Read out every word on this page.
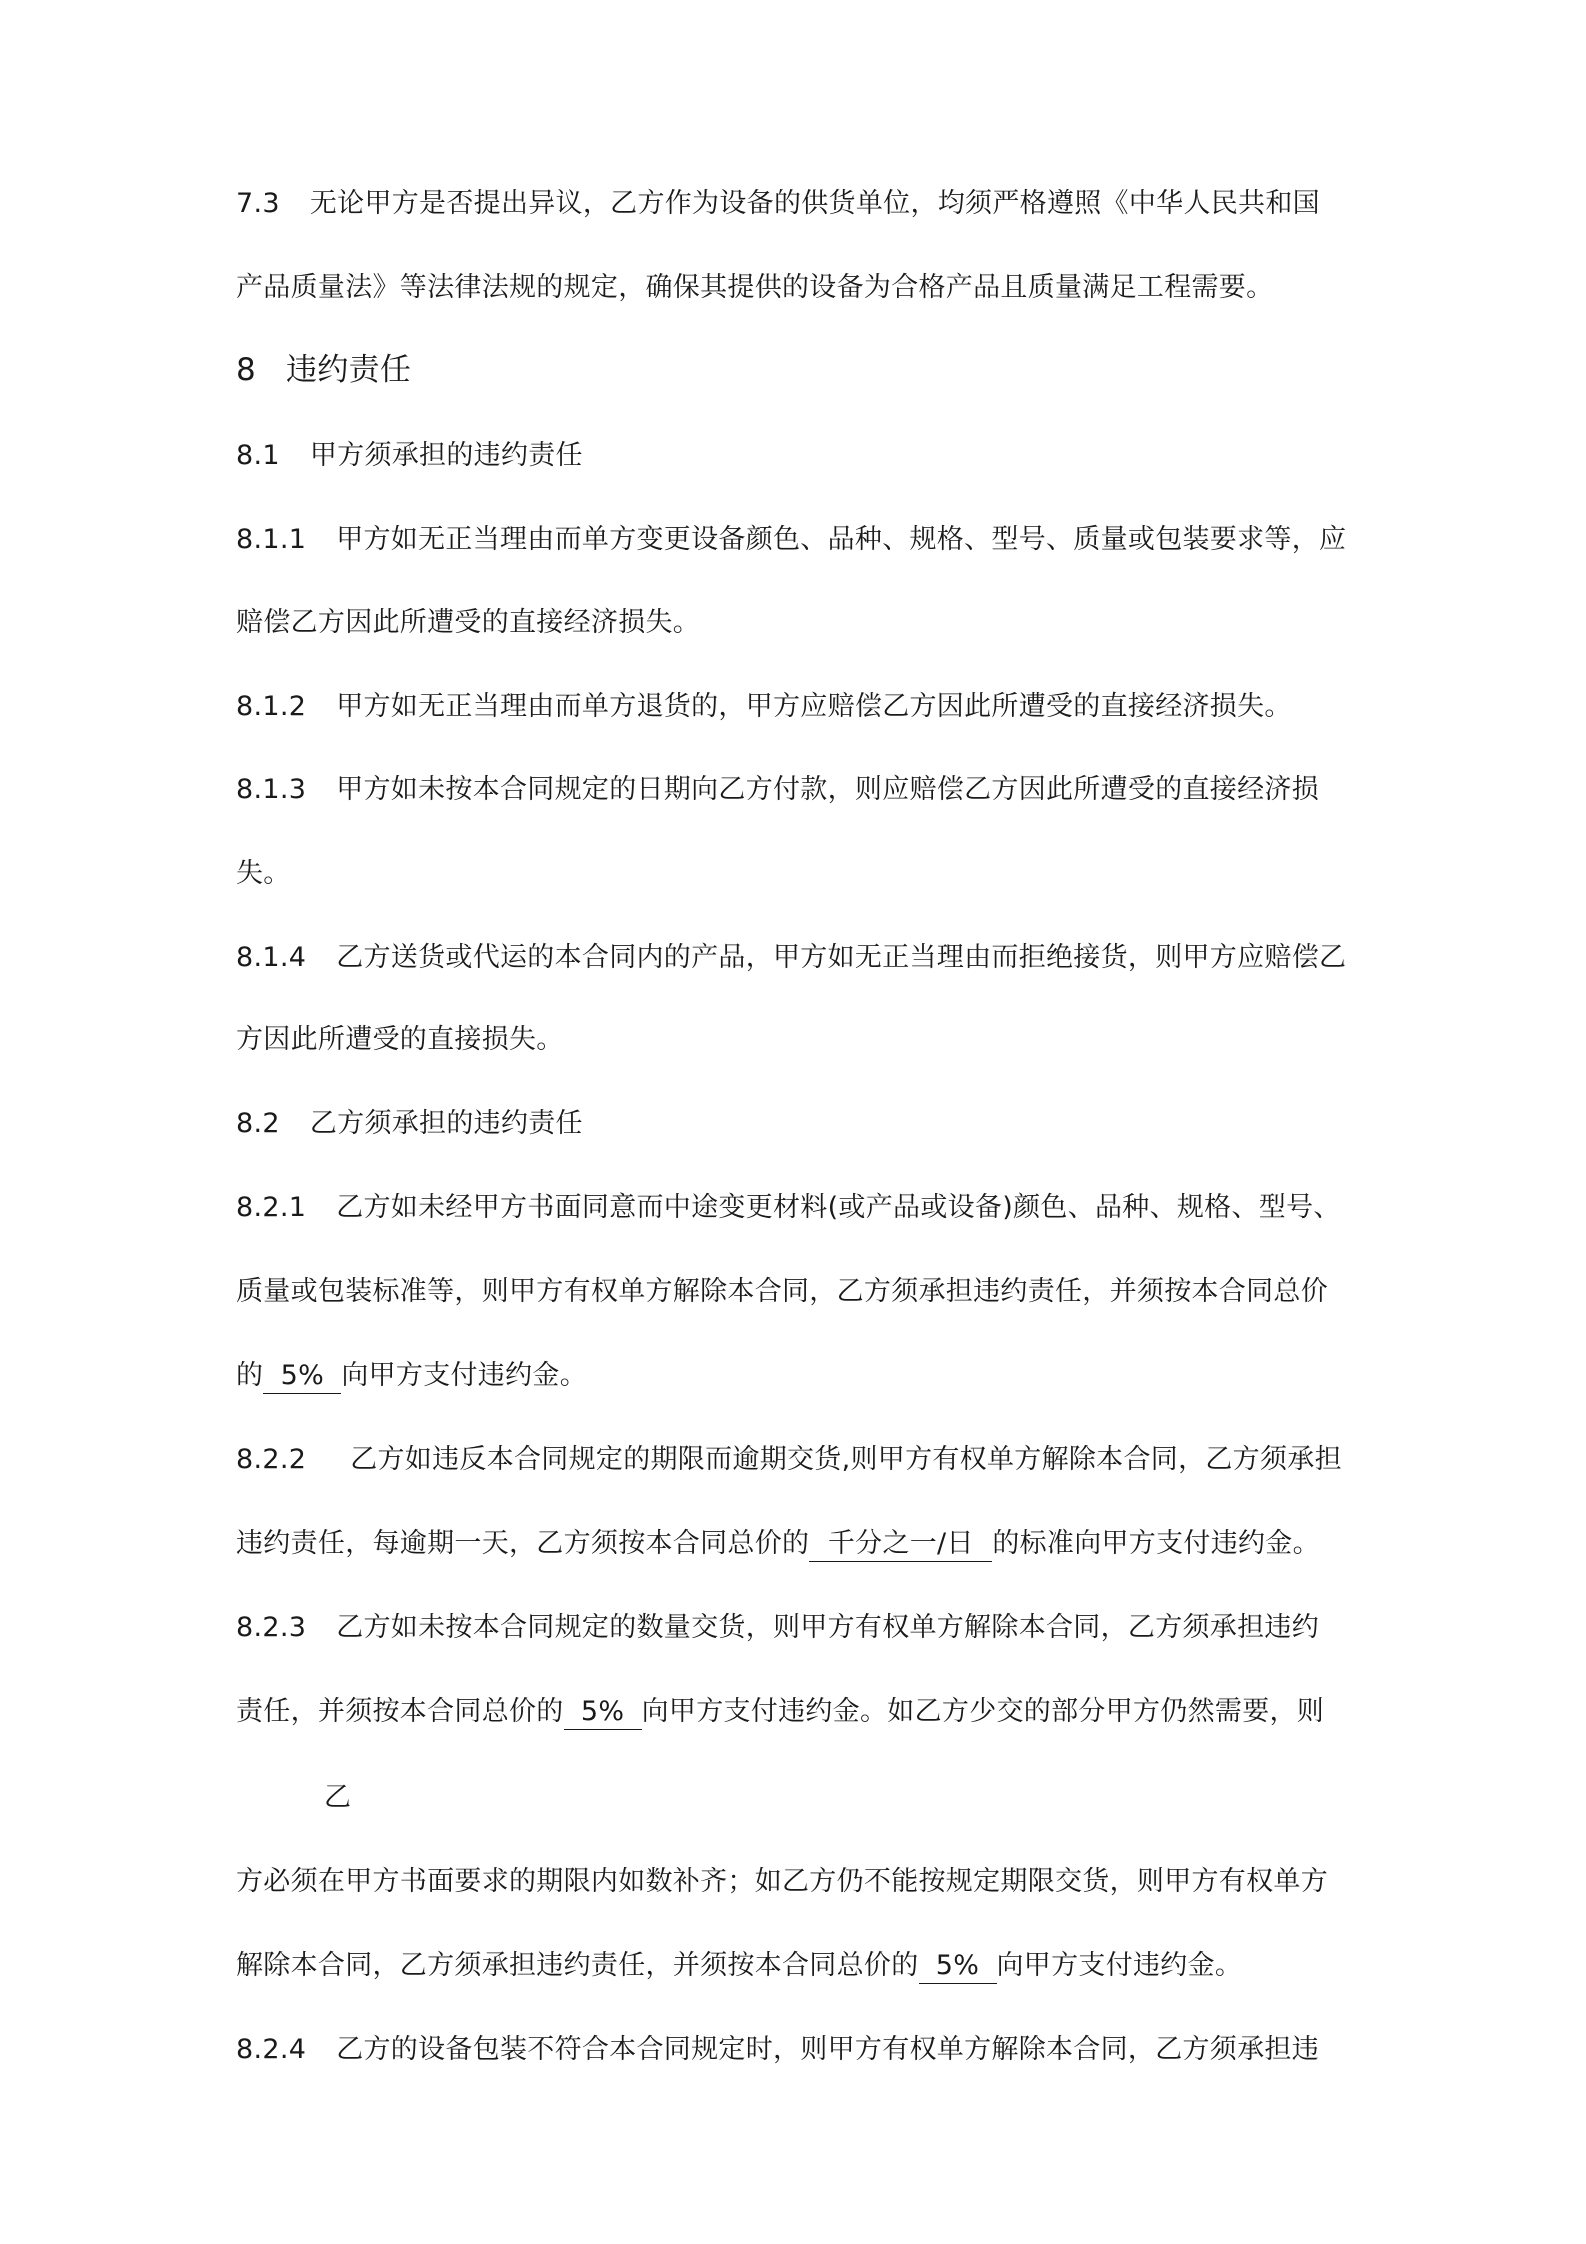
7.3 无论甲方是否提出异议，乙方作为设备的供货单位，均须严格遵照《中华人民共和国
产品质量法》等法律法规的规定，确保其提供的设备为合格产品且质量满足工程需要。
8 违约责任
8.1 甲方须承担的违约责任
8.1.1 甲方如无正当理由而单方变更设备颜色、品种、规格、型号、质量或包装要求等，应
赔偿乙方因此所遭受的直接经济损失。
8.1.2 甲方如无正当理由而单方退货的，甲方应赔偿乙方因此所遭受的直接经济损失。
8.1.3 甲方如未按本合同规定的日期向乙方付款，则应赔偿乙方因此所遭受的直接经济损
失。
8.1.4 乙方送货或代运的本合同内的产品，甲方如无正当理由而拒绝接货，则甲方应赔偿乙
方因此所遭受的直接损失。
8.2 乙方须承担的违约责任
8.2.1 乙方如未经甲方书面同意而中途变更材料(或产品或设备)颜色、品种、规格、型号、
质量或包装标准等，则甲方有权单方解除本合同，乙方须承担违约责任，并须按本合同总价
的 5% 向甲方支付违约金。
8.2.2 乙方如违反本合同规定的期限而逾期交货,则甲方有权单方解除本合同，乙方须承担
违约责任，每逾期一天，乙方须按本合同总价的 千分之一/日 的标准向甲方支付违约金。
8.2.3 乙方如未按本合同规定的数量交货，则甲方有权单方解除本合同，乙方须承担违约
责任，并须按本合同总价的 5% 向甲方支付违约金。如乙方少交的部分甲方仍然需要，则
乙
方必须在甲方书面要求的期限内如数补齐；如乙方仍不能按规定期限交货，则甲方有权单方
解除本合同，乙方须承担违约责任，并须按本合同总价的 5% 向甲方支付违约金。
8.2.4 乙方的设备包装不符合本合同规定时，则甲方有权单方解除本合同，乙方须承担违
